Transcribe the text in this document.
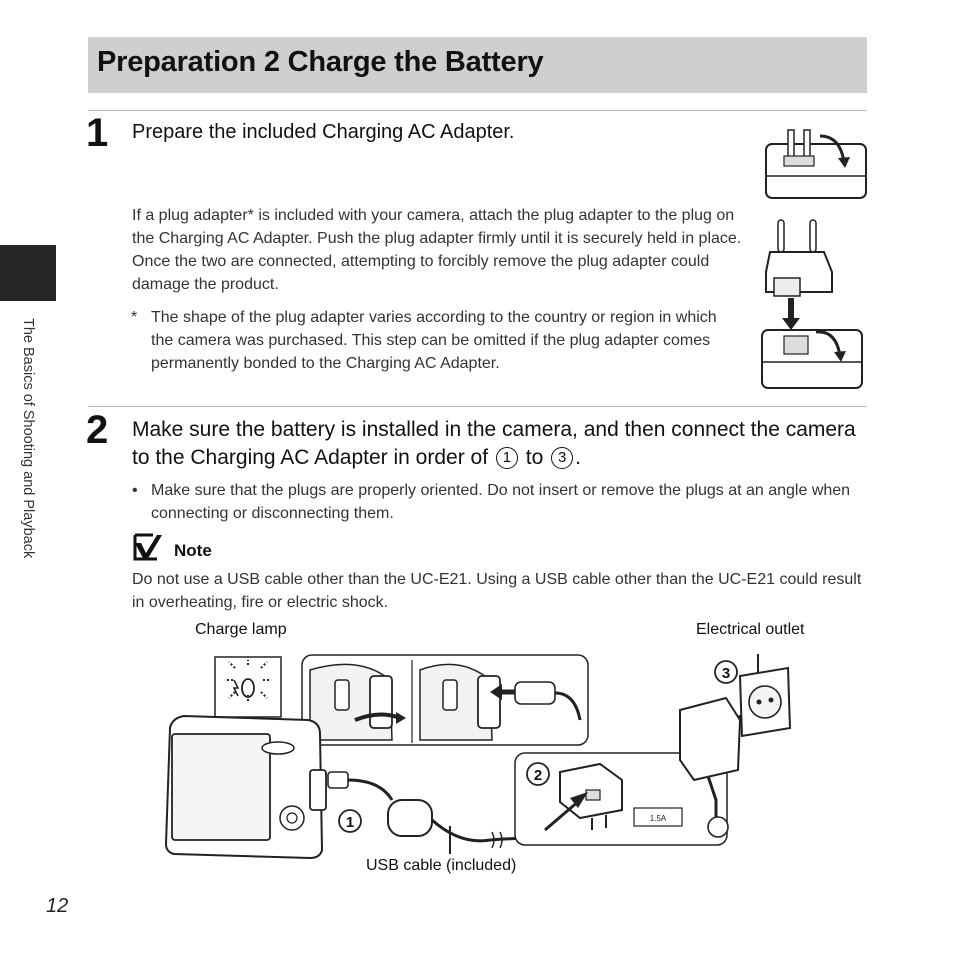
Preparation 2 Charge the Battery
The Basics of Shooting and Playback
1 Prepare the included Charging AC Adapter.
If a plug adapter* is included with your camera, attach the plug adapter to the plug on the Charging AC Adapter. Push the plug adapter firmly until it is securely held in place. Once the two are connected, attempting to forcibly remove the plug adapter could damage the product.
* The shape of the plug adapter varies according to the country or region in which the camera was purchased. This step can be omitted if the plug adapter comes permanently bonded to the Charging AC Adapter.
2 Make sure the battery is installed in the camera, and then connect the camera to the Charging AC Adapter in order of 1 to 3 .
• Make sure that the plugs are properly oriented. Do not insert or remove the plugs at an angle when connecting or disconnecting them.
Note
Do not use a USB cable other than the UC-E21. Using a USB cable other than the UC-E21 could result in overheating, fire or electric shock.
Charge lamp	Electrical outlet
USB cable (included)
1.5A
1
2
3
12
